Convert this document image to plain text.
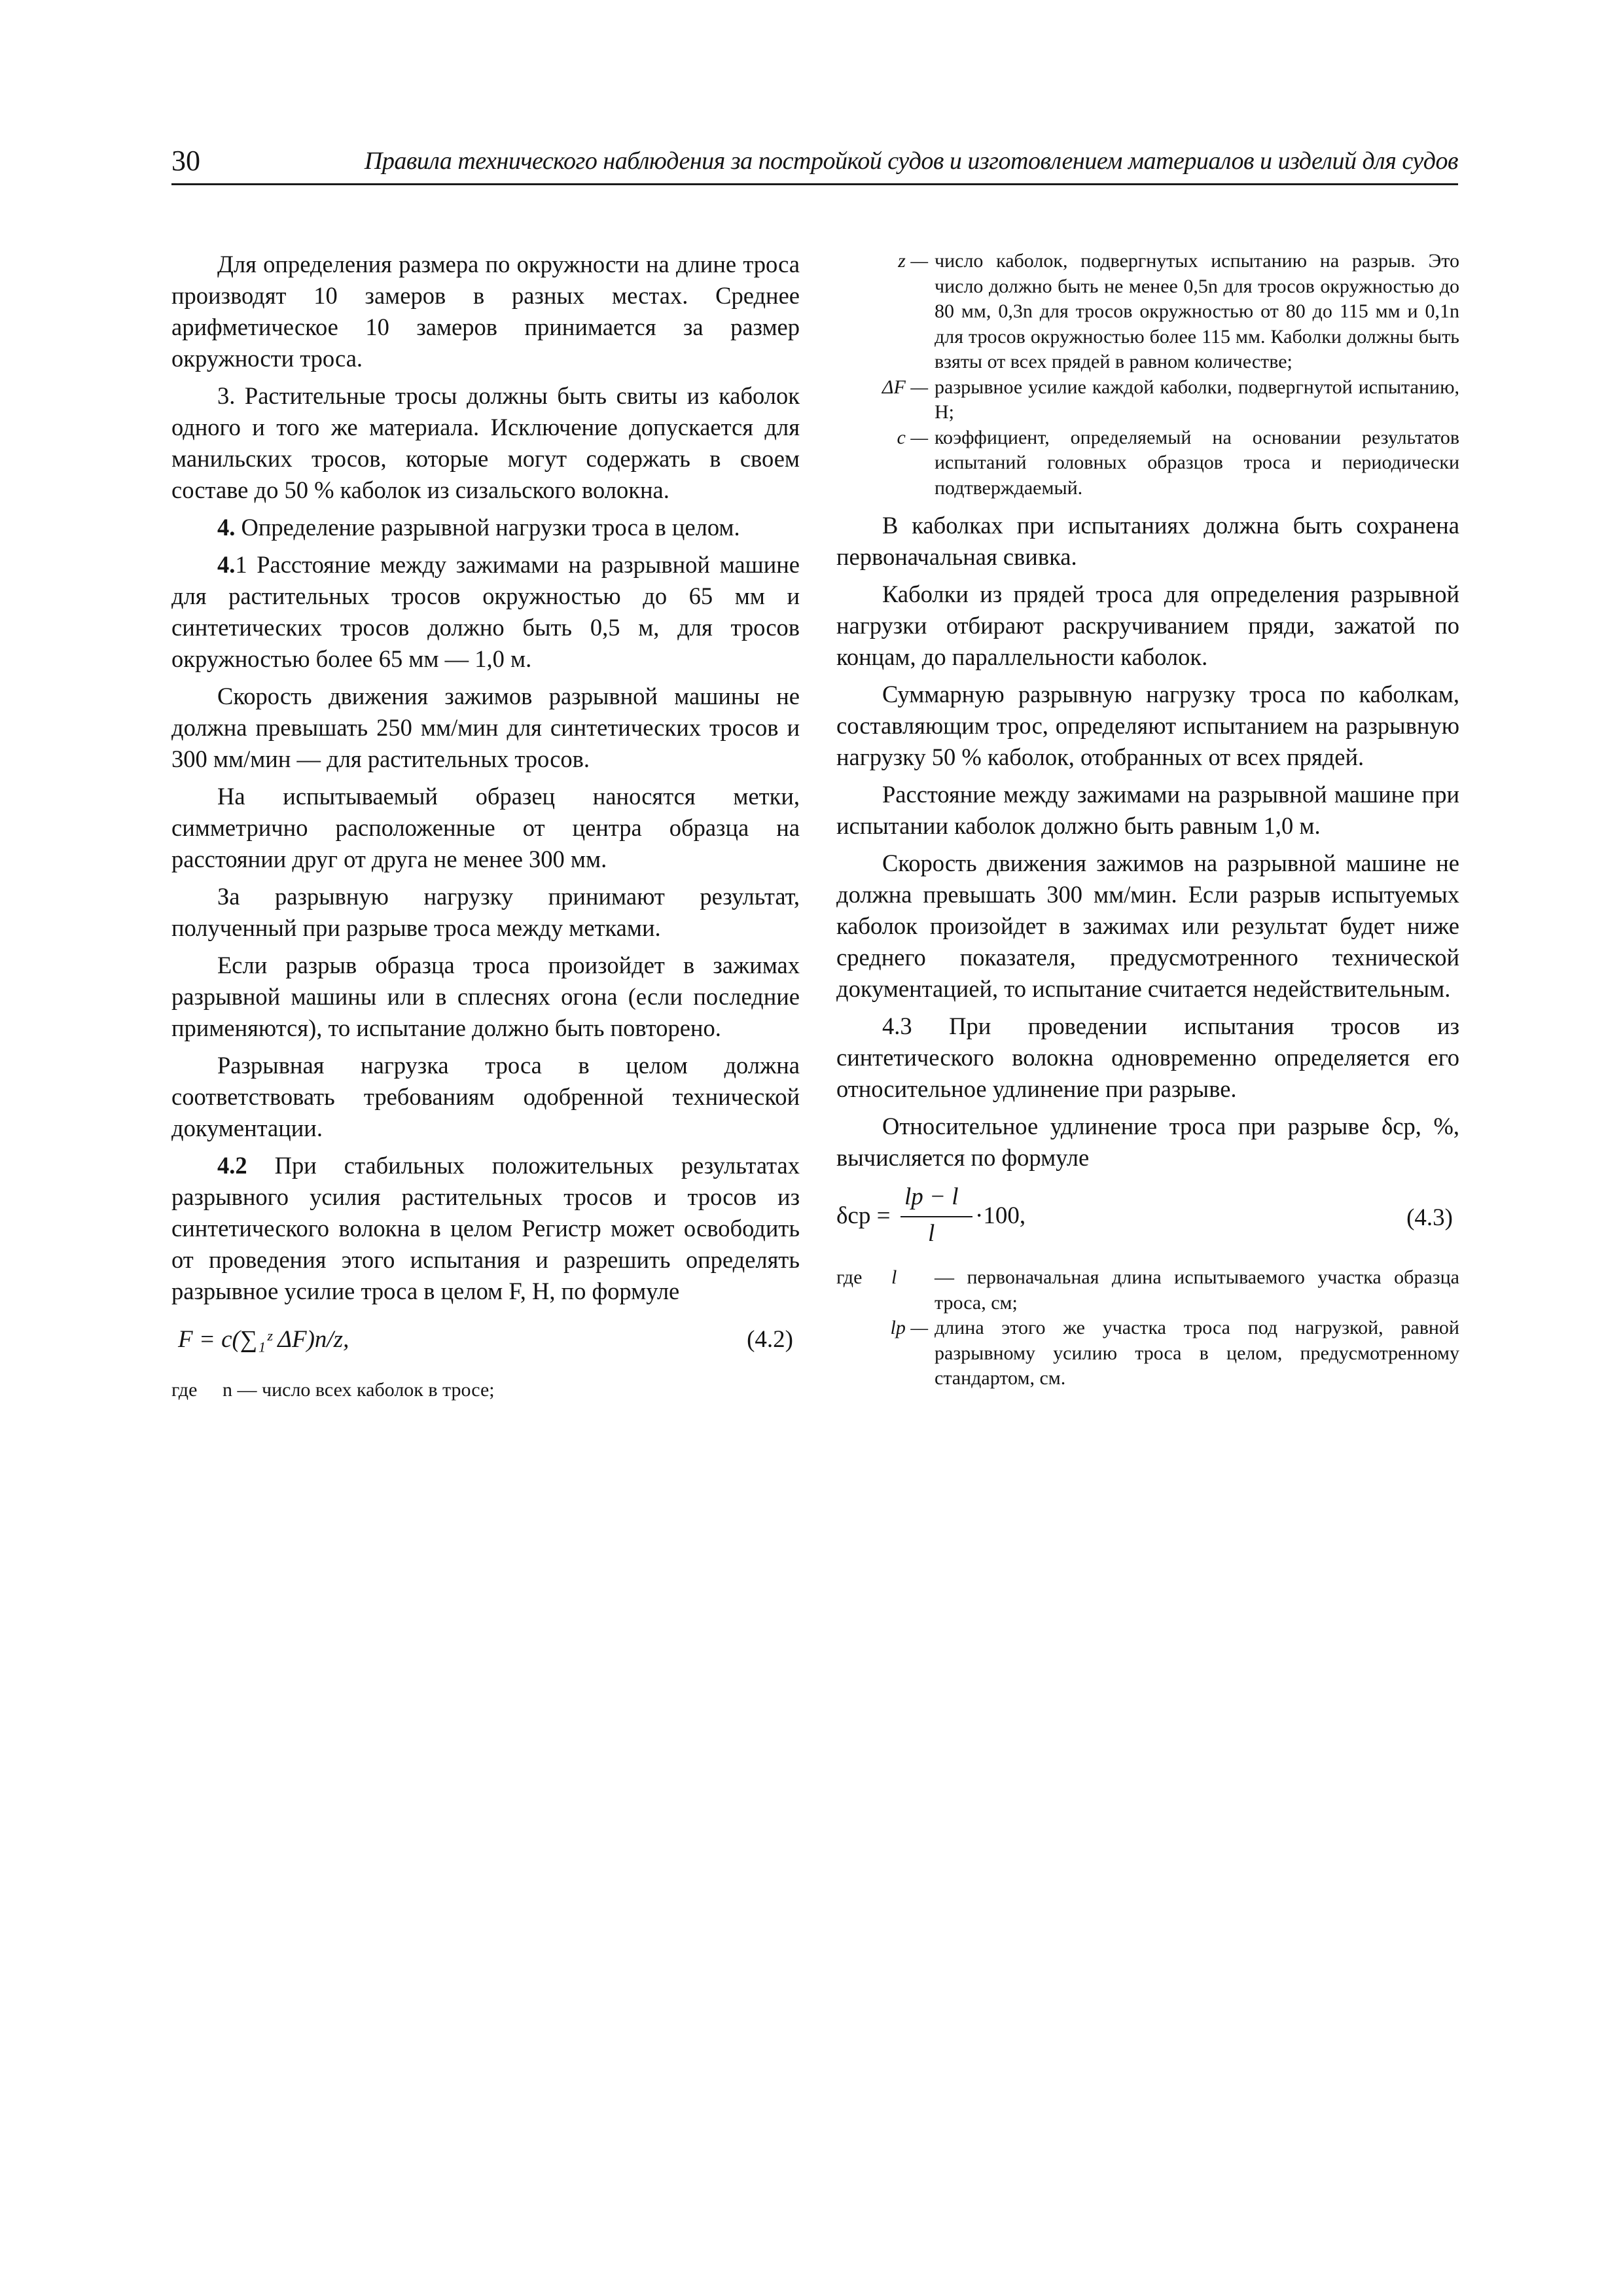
30	Правила технического наблюдения за постройкой судов и изготовлением материалов и изделий для судов

Для определения размера по окружности на длине троса производят 10 замеров в разных местах. Среднее арифметическое 10 замеров принимается за размер окружности троса.

3. Растительные тросы должны быть свиты из каболок одного и того же материала. Исключение допускается для манильских тросов, которые могут содержать в своем составе до 50 % каболок из сизальского волокна.

4. Определение разрывной нагрузки троса в целом.

4.1 Расстояние между зажимами на разрывной машине для растительных тросов окружностью до 65 мм и синтетических тросов должно быть 0,5 м, для тросов окружностью более 65 мм — 1,0 м.

Скорость движения зажимов разрывной машины не должна превышать 250 мм/мин для синтетических тросов и 300 мм/мин — для растительных тросов.

На испытываемый образец наносятся метки, симметрично расположенные от центра образца на расстоянии друг от друга не менее 300 мм.

За разрывную нагрузку принимают результат, полученный при разрыве троса между метками.

Если разрыв образца троса произойдет в зажимах разрывной машины или в сплеснях огона (если последние применяются), то испытание должно быть повторено.

Разрывная нагрузка троса в целом должна соответствовать требованиям одобренной технической документации.

4.2 При стабильных положительных результатах разрывного усилия растительных тросов и тросов из синтетического волокна в целом Регистр может освободить от проведения этого испытания и разрешить определять разрывное усилие троса в целом F, Н, по формуле

F = c(∑₁ᶻ ΔF)n/z,	(4.2)
где	n — число всех каболок в тросе;
z — число каболок, подвергнутых испытанию на разрыв. Это число должно быть не менее 0,5n для тросов окружностью до 80 мм, 0,3n для тросов окружностью от 80 до 115 мм и 0,1n для тросов окружностью более 115 мм. Каболки должны быть взяты от всех прядей в равном количестве;
ΔF — разрывное усилие каждой каболки, подвергнутой испытанию, Н;
c — коэффициент, определяемый на основании результатов испытаний головных образцов троса и периодически подтверждаемый.

В каболках при испытаниях должна быть сохранена первоначальная свивка.

Каболки из прядей троса для определения разрывной нагрузки отбирают раскручиванием пряди, зажатой по концам, до параллельности каболок.

Суммарную разрывную нагрузку троса по каболкам, составляющим трос, определяют испытанием на разрывную нагрузку 50 % каболок, отобранных от всех прядей.

Расстояние между зажимами на разрывной машине при испытании каболок должно быть равным 1,0 м.

Скорость движения зажимов на разрывной машине не должна превышать 300 мм/мин. Если разрыв испытуемых каболок произойдет в зажимах или результат будет ниже среднего показателя, предусмотренного технической документацией, то испытание считается недействительным.

4.3 При проведении испытания тросов из синтетического волокна одновременно определяется его относительное удлинение при разрыве.

Относительное удлинение троса при разрыве δср, %, вычисляется по формуле

δср =
lp − l
l
·100,	(4.3)
где l	— первоначальная длина испытываемого участка образца троса, см;
lp — длина этого же участка троса под нагрузкой, равной разрывному усилию троса в целом, предусмотренному стандартом, см.
